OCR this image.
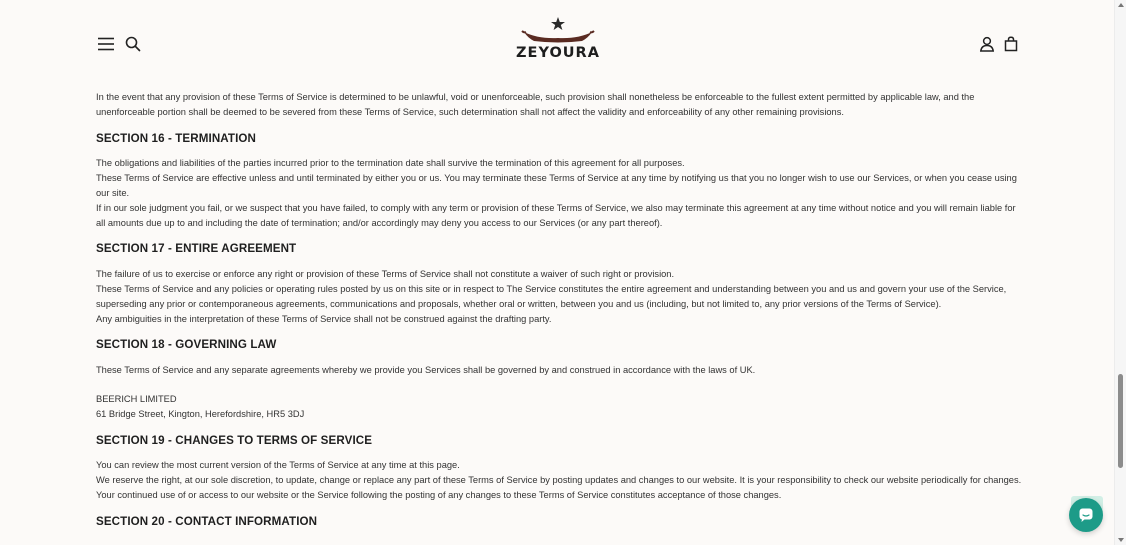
ZEYOURA

In the event that any provision of these Terms of Service is determined to be unlawful, void or unenforceable, such provision shall nonetheless be enforceable to the fullest extent permitted by applicable law, and the unenforceable portion shall be deemed to be severed from these Terms of Service, such determination shall not affect the validity and enforceability of any other remaining provisions.

SECTION 16 - TERMINATION

The obligations and liabilities of the parties incurred prior to the termination date shall survive the termination of this agreement for all purposes.

These Terms of Service are effective unless and until terminated by either you or us. You may terminate these Terms of Service at any time by notifying us that you no longer wish to use our Services, or when you cease using our site.

If in our sole judgment you fail, or we suspect that you have failed, to comply with any term or provision of these Terms of Service, we also may terminate this agreement at any time without notice and you will remain liable for all amounts due up to and including the date of termination; and/or accordingly may deny you access to our Services (or any part thereof).

SECTION 17 - ENTIRE AGREEMENT

The failure of us to exercise or enforce any right or provision of these Terms of Service shall not constitute a waiver of such right or provision.

These Terms of Service and any policies or operating rules posted by us on this site or in respect to The Service constitutes the entire agreement and understanding between you and us and govern your use of the Service, superseding any prior or contemporaneous agreements, communications and proposals, whether oral or written, between you and us (including, but not limited to, any prior versions of the Terms of Service).

Any ambiguities in the interpretation of these Terms of Service shall not be construed against the drafting party.

SECTION 18 - GOVERNING LAW

These Terms of Service and any separate agreements whereby we provide you Services shall be governed by and construed in accordance with the laws of UK.

BEERICH LIMITED

61 Bridge Street, Kington, Herefordshire, HR5 3DJ

SECTION 19 - CHANGES TO TERMS OF SERVICE

You can review the most current version of the Terms of Service at any time at this page.

We reserve the right, at our sole discretion, to update, change or replace any part of these Terms of Service by posting updates and changes to our website. It is your responsibility to check our website periodically for changes. Your continued use of or access to our website or the Service following the posting of any changes to these Terms of Service constitutes acceptance of those changes.

SECTION 20 - CONTACT INFORMATION
